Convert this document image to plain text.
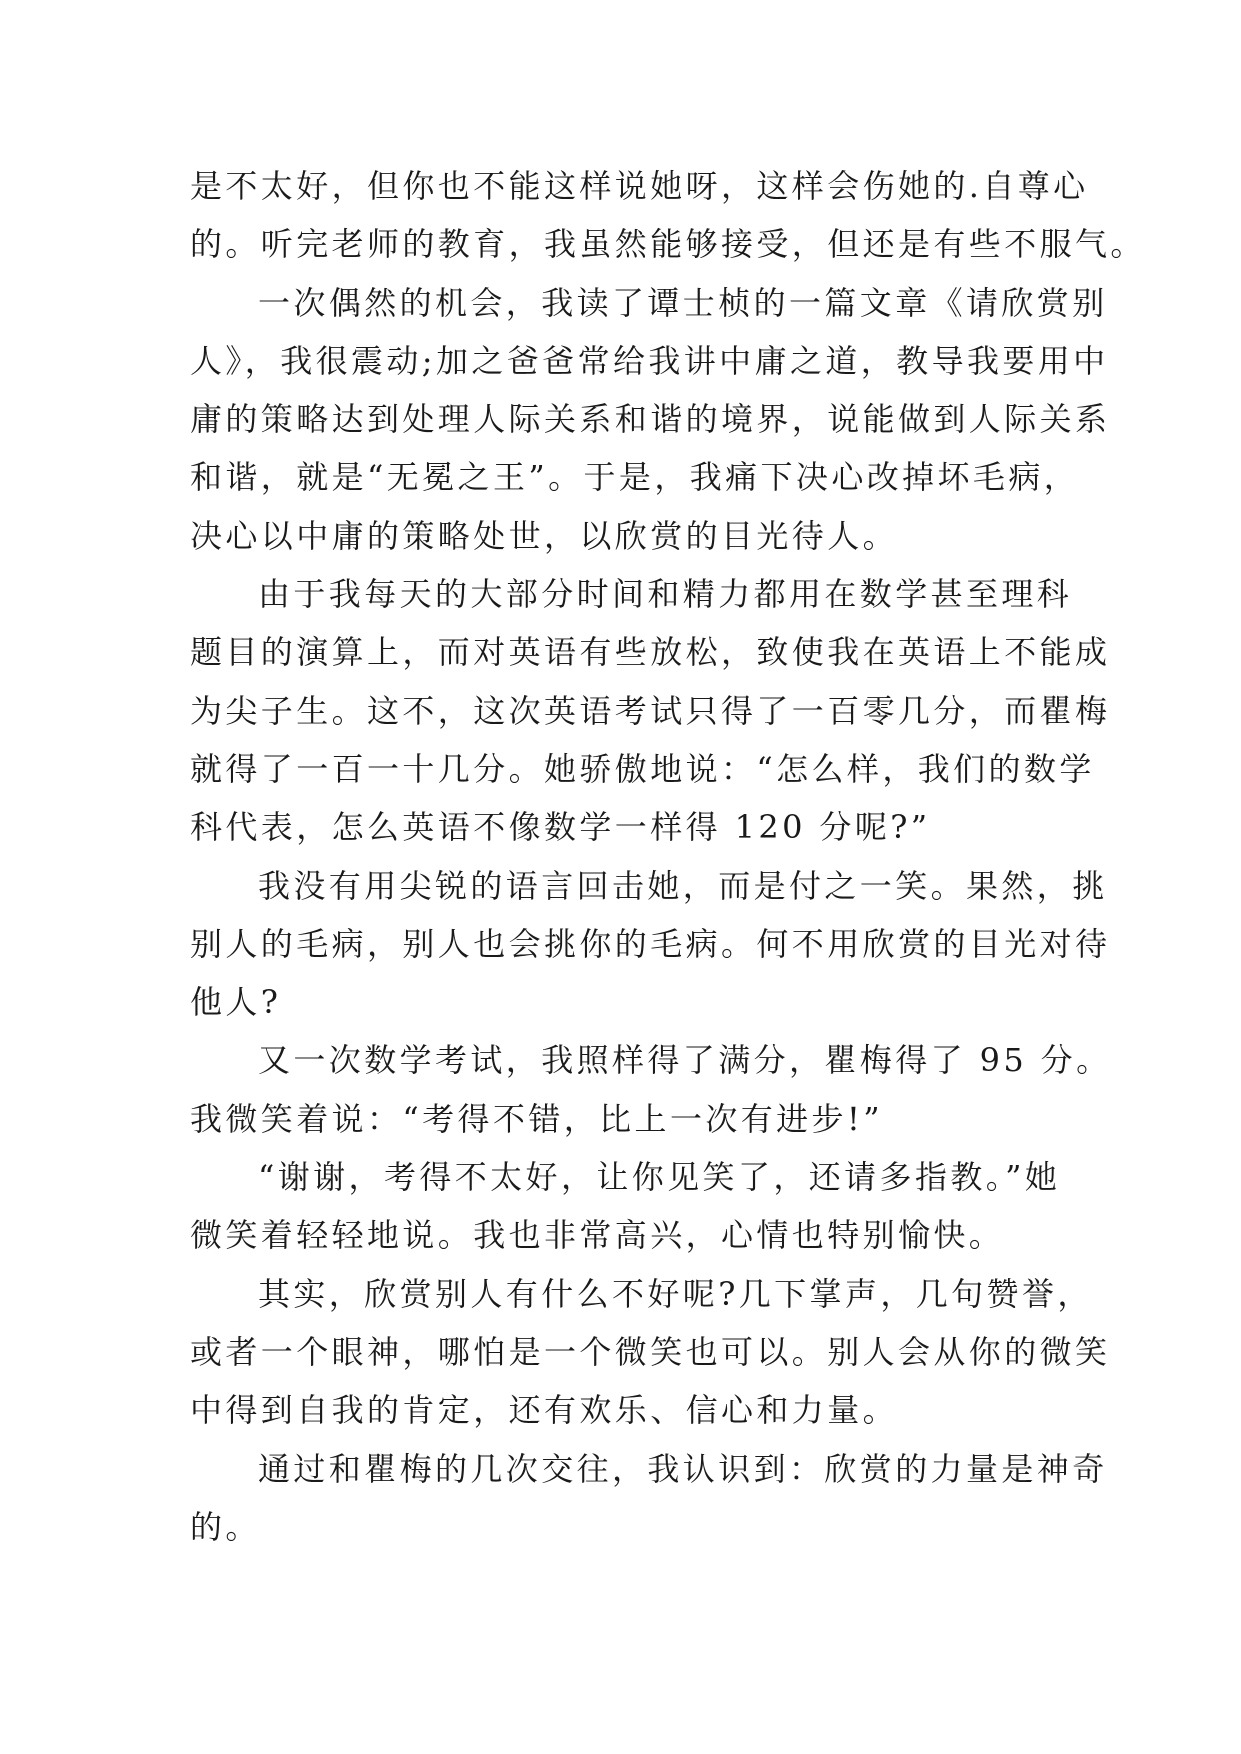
是不太好，但你也不能这样说她呀，这样会伤她的.自尊心
的。听完老师的教育，我虽然能够接受，但还是有些不服气。
一次偶然的机会，我读了谭士桢的一篇文章《请欣赏别
人》，我很震动;加之爸爸常给我讲中庸之道，教导我要用中
庸的策略达到处理人际关系和谐的境界，说能做到人际关系
和谐，就是“无冕之王”。于是，我痛下决心改掉坏毛病，
决心以中庸的策略处世，以欣赏的目光待人。
由于我每天的大部分时间和精力都用在数学甚至理科
题目的演算上，而对英语有些放松，致使我在英语上不能成
为尖子生。这不，这次英语考试只得了一百零几分，而瞿梅
就得了一百一十几分。她骄傲地说：“怎么样，我们的数学
科代表，怎么英语不像数学一样得 120 分呢?”
我没有用尖锐的语言回击她，而是付之一笑。果然，挑
别人的毛病，别人也会挑你的毛病。何不用欣赏的目光对待
他人?
又一次数学考试，我照样得了满分，瞿梅得了 95 分。
我微笑着说：“考得不错，比上一次有进步!”
“谢谢，考得不太好，让你见笑了，还请多指教。”她
微笑着轻轻地说。我也非常高兴，心情也特别愉快。
其实，欣赏别人有什么不好呢?几下掌声，几句赞誉，
或者一个眼神，哪怕是一个微笑也可以。别人会从你的微笑
中得到自我的肯定，还有欢乐、信心和力量。
通过和瞿梅的几次交往，我认识到：欣赏的力量是神奇
的。
